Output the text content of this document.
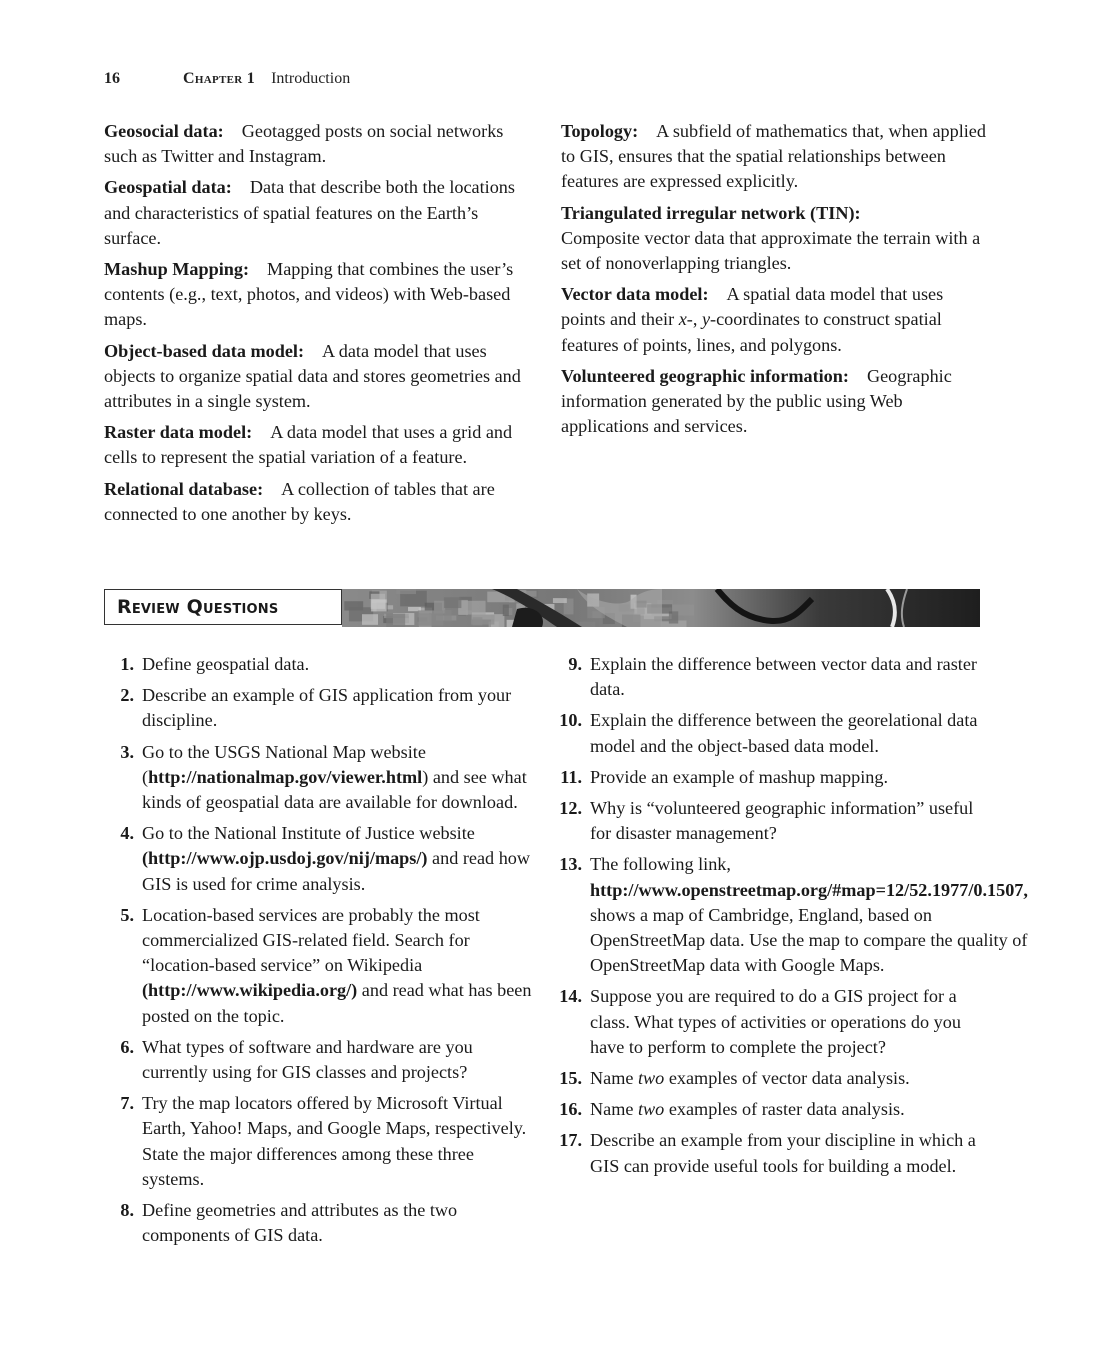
16	Chapter 1 Introduction

Geosocial data: Geotagged posts on social networks such as Twitter and Instagram.

Geospatial data: Data that describe both the locations and characteristics of spatial features on the Earth’s surface.

Mashup Mapping: Mapping that combines the user’s contents (e.g., text, photos, and videos) with Web-based maps.

Object-based data model: A data model that uses objects to organize spatial data and stores geometries and attributes in a single system.

Raster data model: A data model that uses a grid and cells to represent the spatial variation of a feature.

Relational database: A collection of tables that are connected to one another by keys.

Topology: A subfield of mathematics that, when applied to GIS, ensures that the spatial relationships between features are expressed explicitly.

Triangulated irregular network (TIN):
Composite vector data that approximate the terrain with a set of nonoverlapping triangles.

Vector data model: A spatial data model that uses points and their x-, y-coordinates to construct spatial features of points, lines, and polygons.

Volunteered geographic information: Geographic information generated by the public using Web applications and services.

Review Questions
1. Define geospatial data.
2. Describe an example of GIS application from your discipline.
3. Go to the USGS National Map website (http://nationalmap.gov/viewer.html) and see what kinds of geospatial data are available for download.
4. Go to the National Institute of Justice website (http://www.ojp.usdoj.gov/nij/maps/) and read how GIS is used for crime analysis.
5. Location-based services are probably the most commercialized GIS-related field. Search for “location-based service” on Wikipedia (http://www.wikipedia.org/) and read what has been posted on the topic.
6. What types of software and hardware are you currently using for GIS classes and projects?
7. Try the map locators offered by Microsoft Virtual Earth, Yahoo! Maps, and Google Maps, respectively. State the major differences among these three systems.
8. Define geometries and attributes as the two components of GIS data.
9. Explain the difference between vector data and raster data.
10. Explain the difference between the georelational data model and the object-based data model.
11. Provide an example of mashup mapping.
12. Why is “volunteered geographic information” useful for disaster management?
13. The following link, http://www.openstreetmap.org/#map=12/52.1977/0.1507, shows a map of Cambridge, England, based on OpenStreetMap data. Use the map to compare the quality of OpenStreetMap data with Google Maps.
14. Suppose you are required to do a GIS project for a class. What types of activities or operations do you have to perform to complete the project?
15. Name two examples of vector data analysis.
16. Name two examples of raster data analysis.
17. Describe an example from your discipline in which a GIS can provide useful tools for building a model.
